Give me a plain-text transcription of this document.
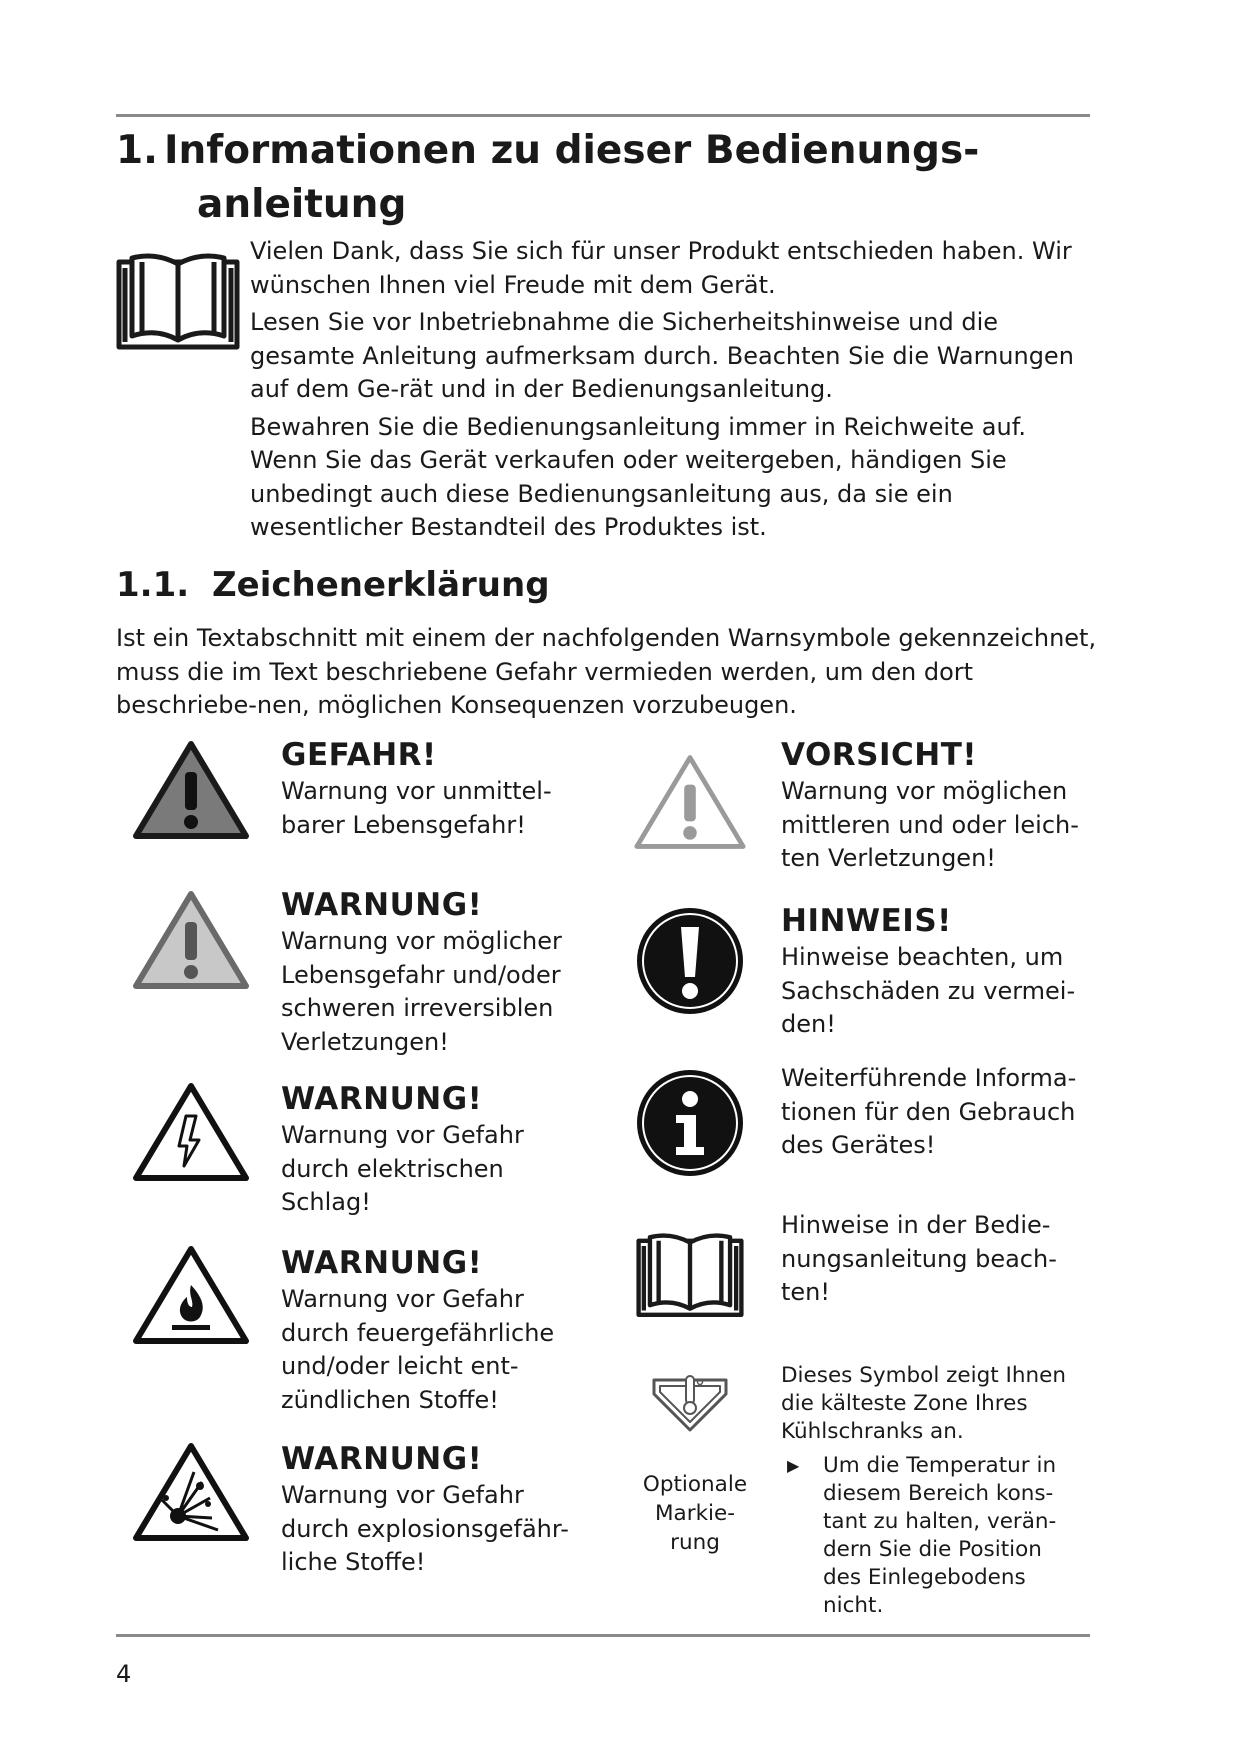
1. Informationen zu dieser Bedienungs-
anleitung

Vielen Dank, dass Sie sich für unser Produkt entschieden haben. Wir wünschen Ihnen viel Freude mit dem Gerät.

Lesen Sie vor Inbetriebnahme die Sicherheitshinweise und die gesamte Anleitung aufmerksam durch. Beachten Sie die Warnungen auf dem Ge-rät und in der Bedienungsanleitung.

Bewahren Sie die Bedienungsanleitung immer in Reichweite auf. Wenn Sie das Gerät verkaufen oder weitergeben, händigen Sie unbedingt auch diese Bedienungsanleitung aus, da sie ein wesentlicher Bestandteil des Produktes ist.

1.1. Zeichenerklärung

Ist ein Textabschnitt mit einem der nachfolgenden Warnsymbole gekennzeichnet, muss die im Text beschriebene Gefahr vermieden werden, um den dort beschriebe-nen, möglichen Konsequenzen vorzubeugen.

GEFAHR!
Warnung vor unmittel-
barer Lebensgefahr!
WARNUNG!
Warnung vor möglicher
Lebensgefahr und/oder
schweren irreversiblen
Verletzungen!
WARNUNG!
Warnung vor Gefahr
durch elektrischen
Schlag!
WARNUNG!
Warnung vor Gefahr
durch feuergefährliche
und/oder leicht ent-
zündlichen Stoffe!
WARNUNG!
Warnung vor Gefahr
durch explosionsgefähr-
liche Stoffe!
VORSICHT!
Warnung vor möglichen
mittleren und oder leich-
ten Verletzungen!
HINWEIS!
Hinweise beachten, um
Sachschäden zu vermei-
den!
Weiterführende Informa-
tionen für den Gebrauch
des Gerätes!
Hinweise in der Bedie-
nungsanleitung beach-
ten!
Optionale
Markie-
rung
Dieses Symbol zeigt Ihnen
die kälteste Zone Ihres
Kühlschranks an.
▶	Um die Temperatur in
diesem Bereich kons-
tant zu halten, verän-
dern Sie die Position
des Einlegebodens
nicht.
4
